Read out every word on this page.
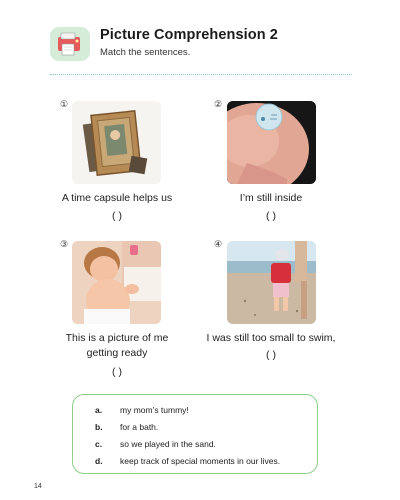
Picture Comprehension 2
Match the sentences.
①
A time capsule helps us
( )
②
I’m still inside
( )
③
This is a picture of me
getting ready
( )
④
I was still too small to swim,
( )
a. my mom’s tummy!
b. for a bath.
c. so we played in the sand.
d. keep track of special moments in our lives.
14
